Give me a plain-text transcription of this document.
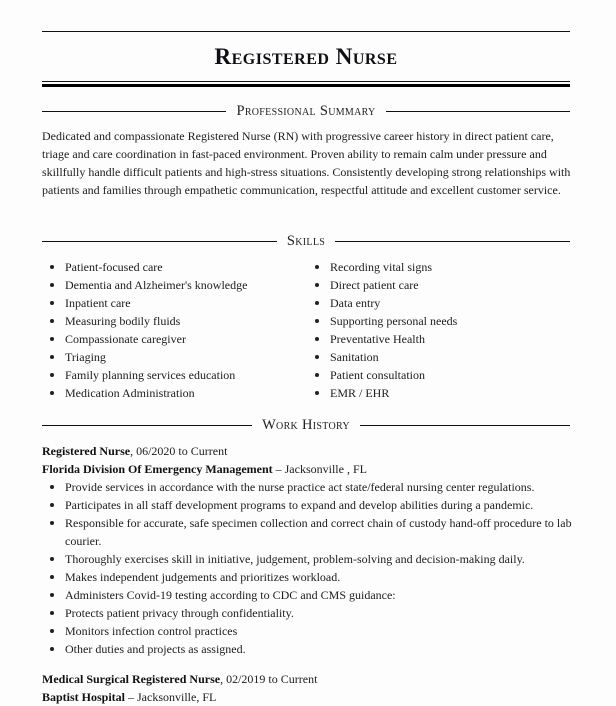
Registered Nurse
Professional Summary
Dedicated and compassionate Registered Nurse (RN) with progressive career history in direct patient care, triage and care coordination in fast-paced environment. Proven ability to remain calm under pressure and skillfully handle difficult patients and high-stress situations. Consistently developing strong relationships with patients and families through empathetic communication, respectful attitude and excellent customer service.
Skills
Patient-focused care
Dementia and Alzheimer's knowledge
Inpatient care
Measuring bodily fluids
Compassionate caregiver
Triaging
Family planning services education
Medication Administration
Recording vital signs
Direct patient care
Data entry
Supporting personal needs
Preventative Health
Sanitation
Patient consultation
EMR / EHR
Work History
Registered Nurse, 06/2020 to Current
Florida Division Of Emergency Management – Jacksonville , FL
Provide services in accordance with the nurse practice act state/federal nursing center regulations.
Participates in all staff development programs to expand and develop abilities during a pandemic.
Responsible for accurate, safe specimen collection and correct chain of custody hand-off procedure to lab courier.
Thoroughly exercises skill in initiative, judgement, problem-solving and decision-making daily.
Makes independent judgements and prioritizes workload.
Administers Covid-19 testing according to CDC and CMS guidance:
Protects patient privacy through confidentiality.
Monitors infection control practices
Other duties and projects as assigned.
Medical Surgical Registered Nurse, 02/2019 to Current
Baptist Hospital – Jacksonville, FL
